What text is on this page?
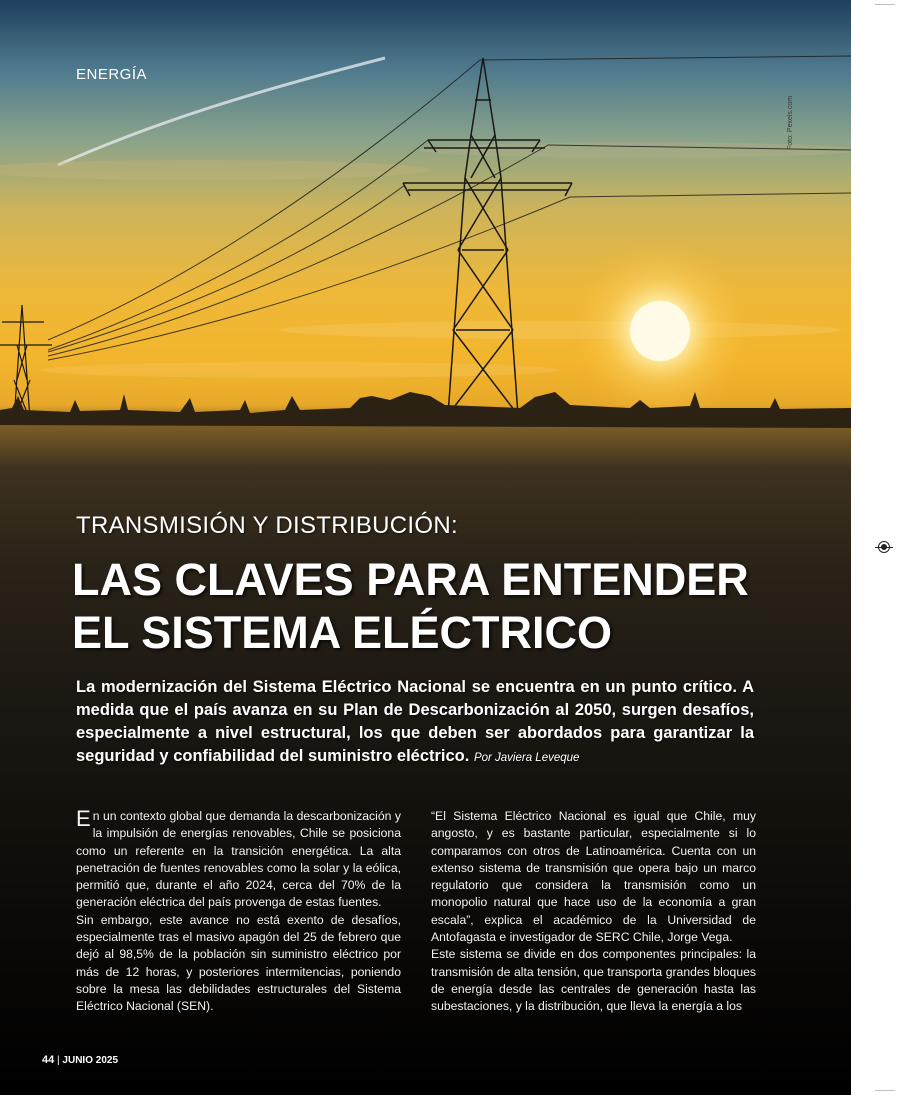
ENERGÍA
Foto: Pexels.com
TRANSMISIÓN Y DISTRIBUCIÓN:
LAS CLAVES PARA ENTENDER
EL SISTEMA ELÉCTRICO
La modernización del Sistema Eléctrico Nacional se encuentra en un punto crítico. A medida que el país avanza en su Plan de Descarbonización al 2050, surgen desafíos, especialmente a nivel estructural, los que deben ser abordados para garantizar la seguridad y confiabilidad del suministro eléctrico. Por Javiera Leveque

En un contexto global que demanda la descarbonización y la impulsión de energías renovables, Chile se posiciona como un referente en la transición energética. La alta penetración de fuentes renovables como la solar y la eólica, permitió que, durante el año 2024, cerca del 70% de la generación eléctrica del país provenga de estas fuentes.

Sin embargo, este avance no está exento de desafíos, especialmente tras el masivo apagón del 25 de febrero que dejó al 98,5% de la población sin suministro eléctrico por más de 12 horas, y posteriores intermitencias, poniendo sobre la mesa las debilidades estructurales del Sistema Eléctrico Nacional (SEN).

“El Sistema Eléctrico Nacional es igual que Chile, muy angosto, y es bastante particular, especialmente si lo comparamos con otros de Latinoamérica. Cuenta con un extenso sistema de transmisión que opera bajo un marco regulatorio que considera la transmisión como un monopolio natural que hace uso de la economía a gran escala”, explica el académico de la Universidad de Antofagasta e investigador de SERC Chile, Jorge Vega.

Este sistema se divide en dos componentes principales: la transmisión de alta tensión, que transporta grandes bloques de energía desde las centrales de generación hasta las subestaciones, y la distribución, que lleva la energía a los

44 | JUNIO 2025
